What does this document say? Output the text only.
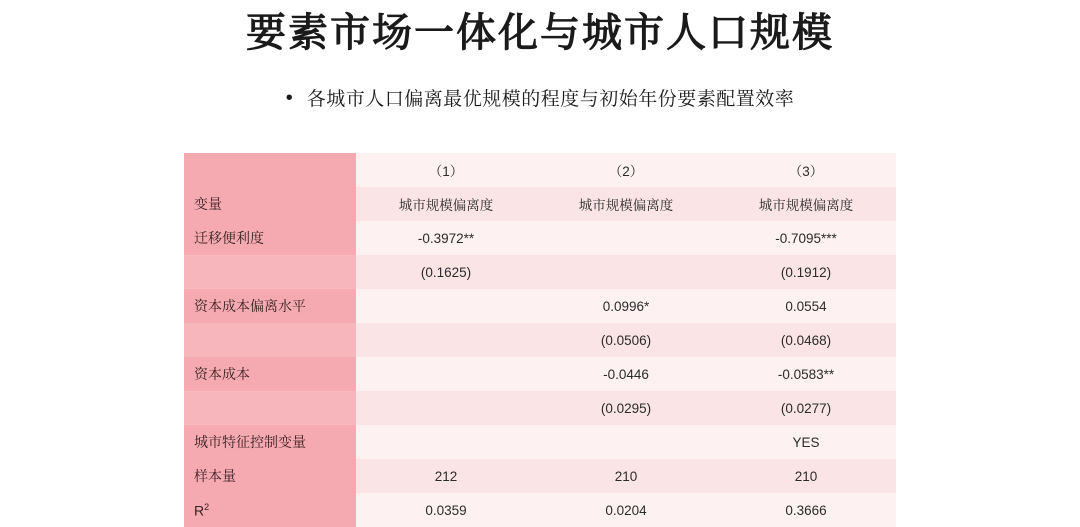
要素市场一体化与城市人口规模
• 各城市人口偏离最优规模的程度与初始年份要素配置效率
	（1）	（2）	（3）
变量	城市规模偏离度	城市规模偏离度	城市规模偏离度
迁移便利度	-0.3972**		-0.7095***
	(0.1625)		(0.1912)
资本成本偏离水平		0.0996*	0.0554
		(0.0506)	(0.0468)
资本成本		-0.0446	-0.0583**
		(0.0295)	(0.0277)
城市特征控制变量			YES
样本量	212	210	210
$R^2$	0.0359	0.0204	0.3666
